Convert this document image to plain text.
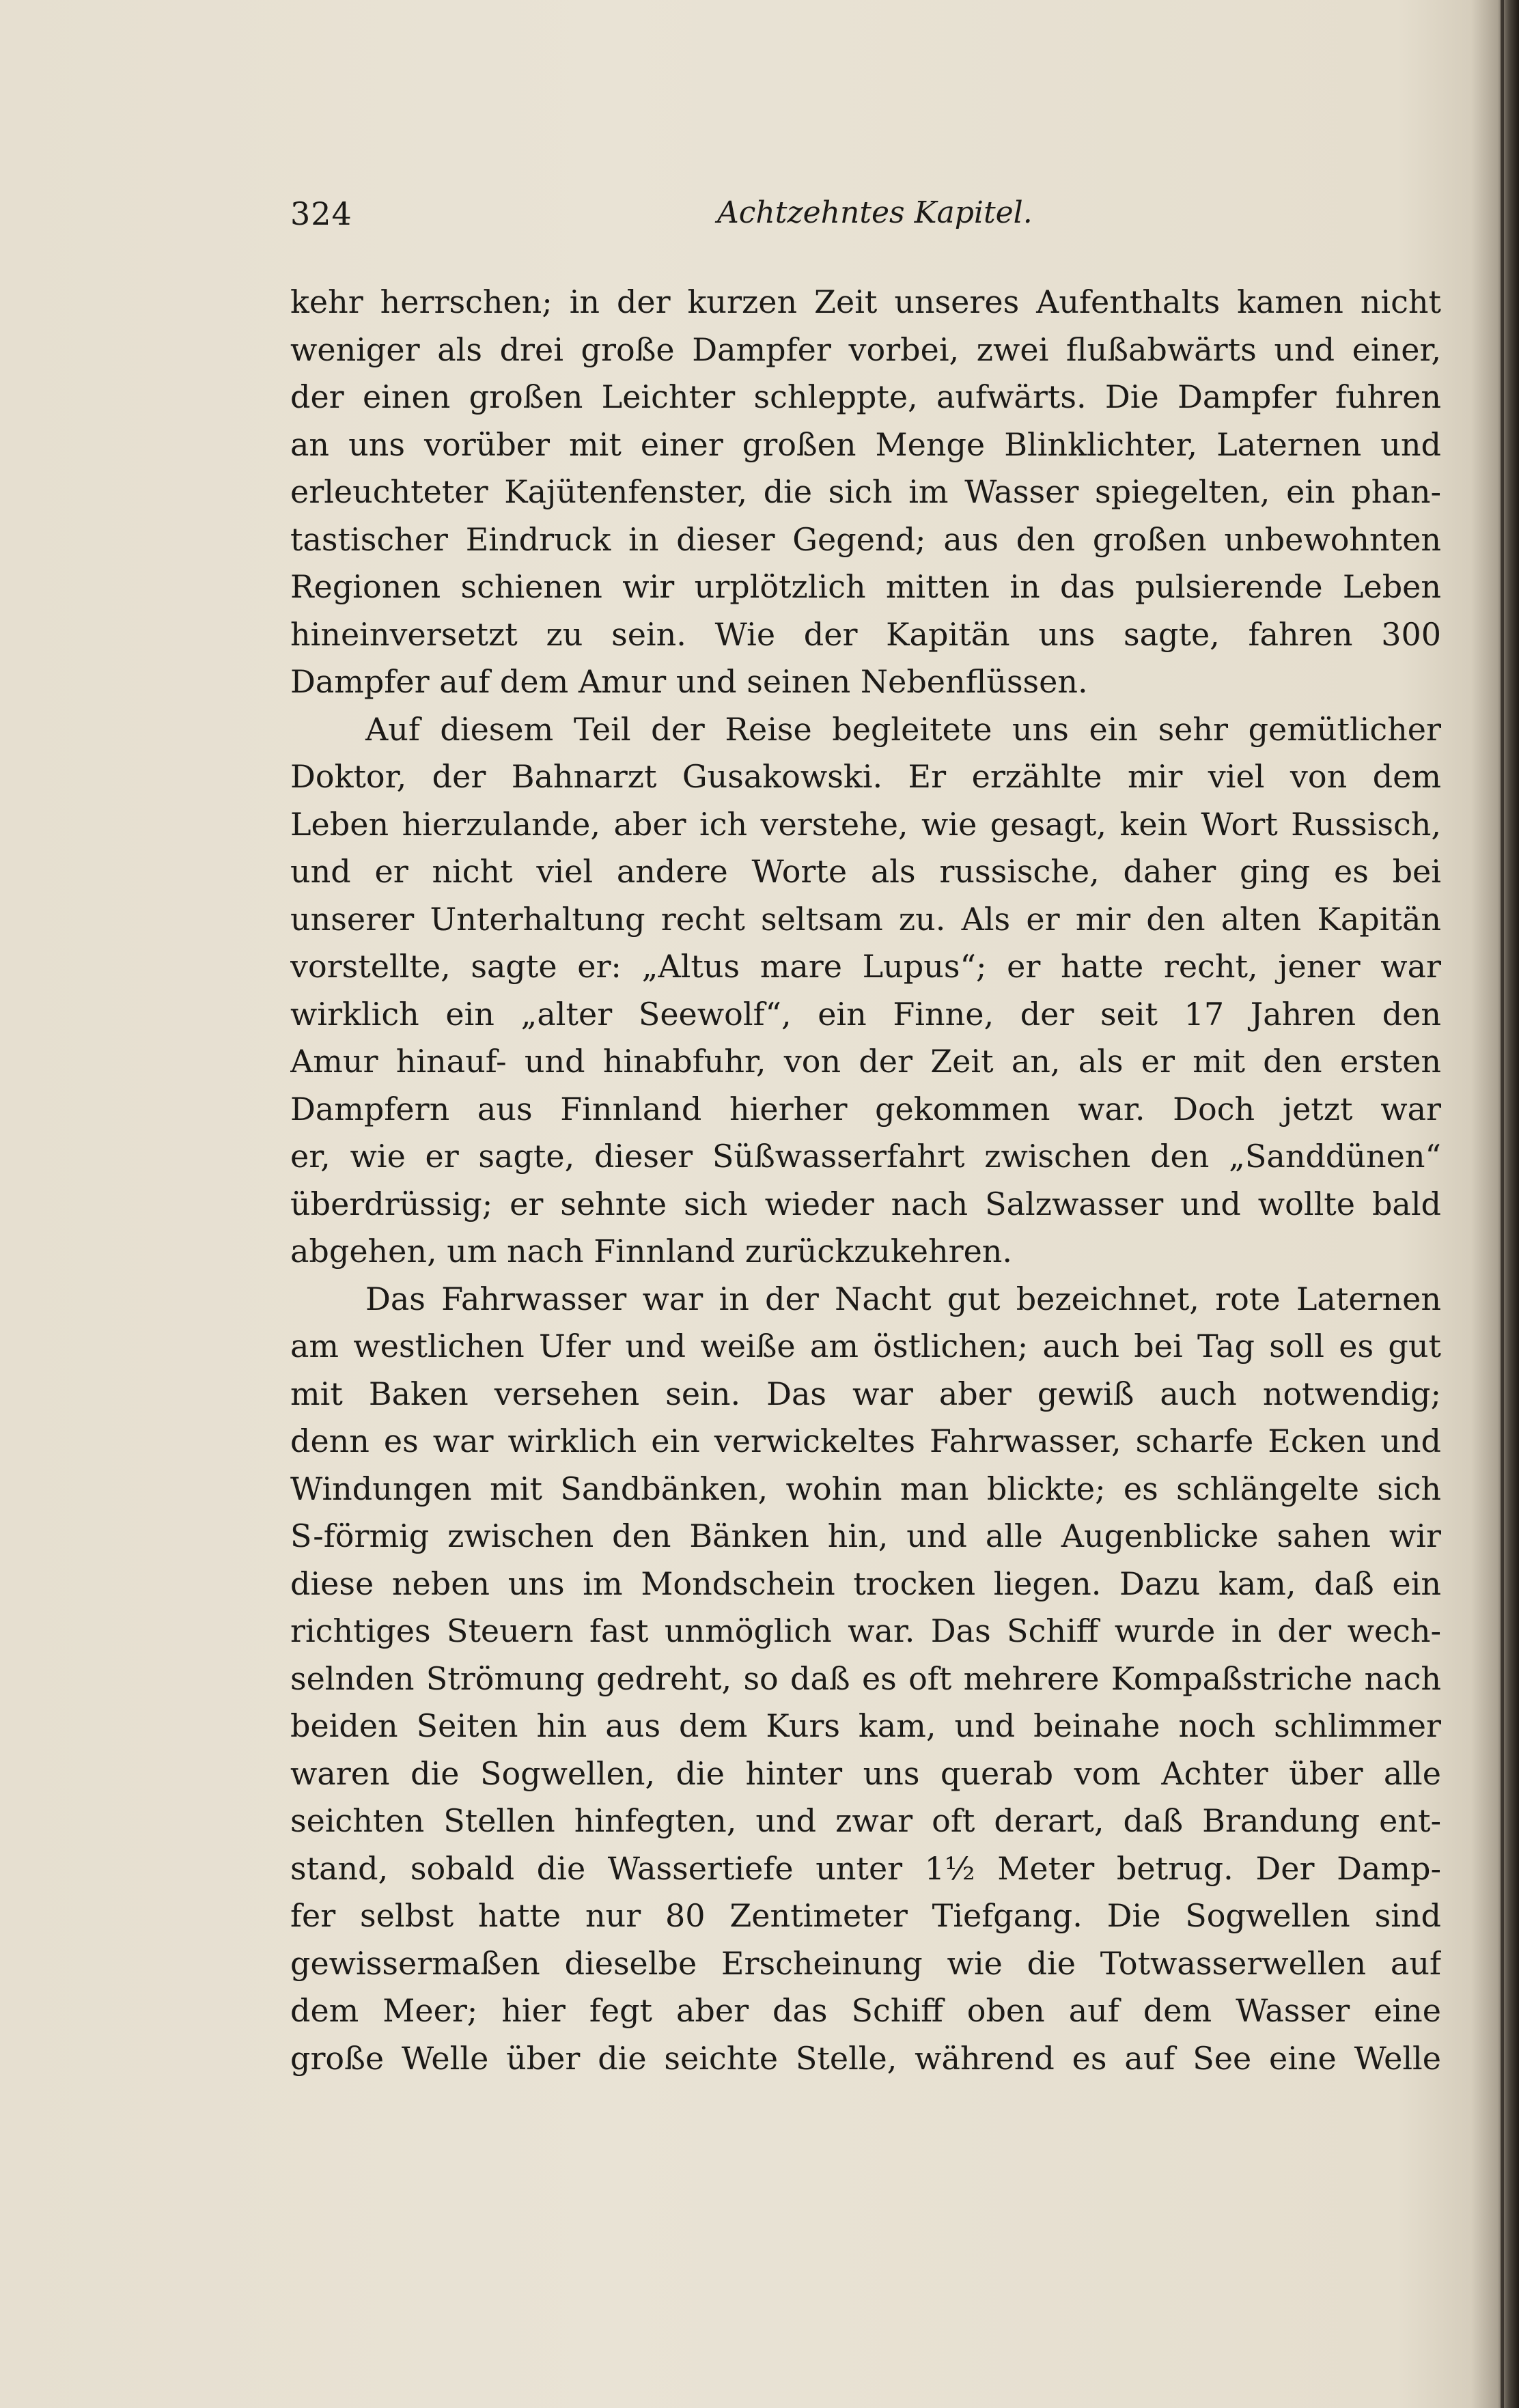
324	Achtzehntes Kapitel.
kehr herrschen; in der kurzen Zeit unseres Aufenthalts kamen nicht
weniger als drei große Dampfer vorbei, zwei flußabwärts und einer,
der einen großen Leichter schleppte, aufwärts. Die Dampfer fuhren
an uns vorüber mit einer großen Menge Blinklichter, Laternen und
erleuchteter Kajütenfenster, die sich im Wasser spiegelten, ein phan-
tastischer Eindruck in dieser Gegend; aus den großen unbewohnten
Regionen schienen wir urplötzlich mitten in das pulsierende Leben
hineinversetzt zu sein. Wie der Kapitän uns sagte, fahren 300
Dampfer auf dem Amur und seinen Nebenflüssen.
Auf diesem Teil der Reise begleitete uns ein sehr gemütlicher
Doktor, der Bahnarzt Gusakowski. Er erzählte mir viel von dem
Leben hierzulande, aber ich verstehe, wie gesagt, kein Wort Russisch,
und er nicht viel andere Worte als russische, daher ging es bei
unserer Unterhaltung recht seltsam zu. Als er mir den alten Kapitän
vorstellte, sagte er: „Altus mare Lupus“; er hatte recht, jener war
wirklich ein „alter Seewolf“, ein Finne, der seit 17 Jahren den
Amur hinauf- und hinabfuhr, von der Zeit an, als er mit den ersten
Dampfern aus Finnland hierher gekommen war. Doch jetzt war
er, wie er sagte, dieser Süßwasserfahrt zwischen den „Sanddünen“
überdrüssig; er sehnte sich wieder nach Salzwasser und wollte bald
abgehen, um nach Finnland zurückzukehren.
Das Fahrwasser war in der Nacht gut bezeichnet, rote Laternen
am westlichen Ufer und weiße am östlichen; auch bei Tag soll es gut
mit Baken versehen sein. Das war aber gewiß auch notwendig;
denn es war wirklich ein verwickeltes Fahrwasser, scharfe Ecken und
Windungen mit Sandbänken, wohin man blickte; es schlängelte sich
S-förmig zwischen den Bänken hin, und alle Augenblicke sahen wir
diese neben uns im Mondschein trocken liegen. Dazu kam, daß ein
richtiges Steuern fast unmöglich war. Das Schiff wurde in der wech-
selnden Strömung gedreht, so daß es oft mehrere Kompaßstriche nach
beiden Seiten hin aus dem Kurs kam, und beinahe noch schlimmer
waren die Sogwellen, die hinter uns querab vom Achter über alle
seichten Stellen hinfegten, und zwar oft derart, daß Brandung ent-
stand, sobald die Wassertiefe unter 1½ Meter betrug. Der Damp-
fer selbst hatte nur 80 Zentimeter Tiefgang. Die Sogwellen sind
gewissermaßen dieselbe Erscheinung wie die Totwasserwellen auf
dem Meer; hier fegt aber das Schiff oben auf dem Wasser eine
große Welle über die seichte Stelle, während es auf See eine Welle
